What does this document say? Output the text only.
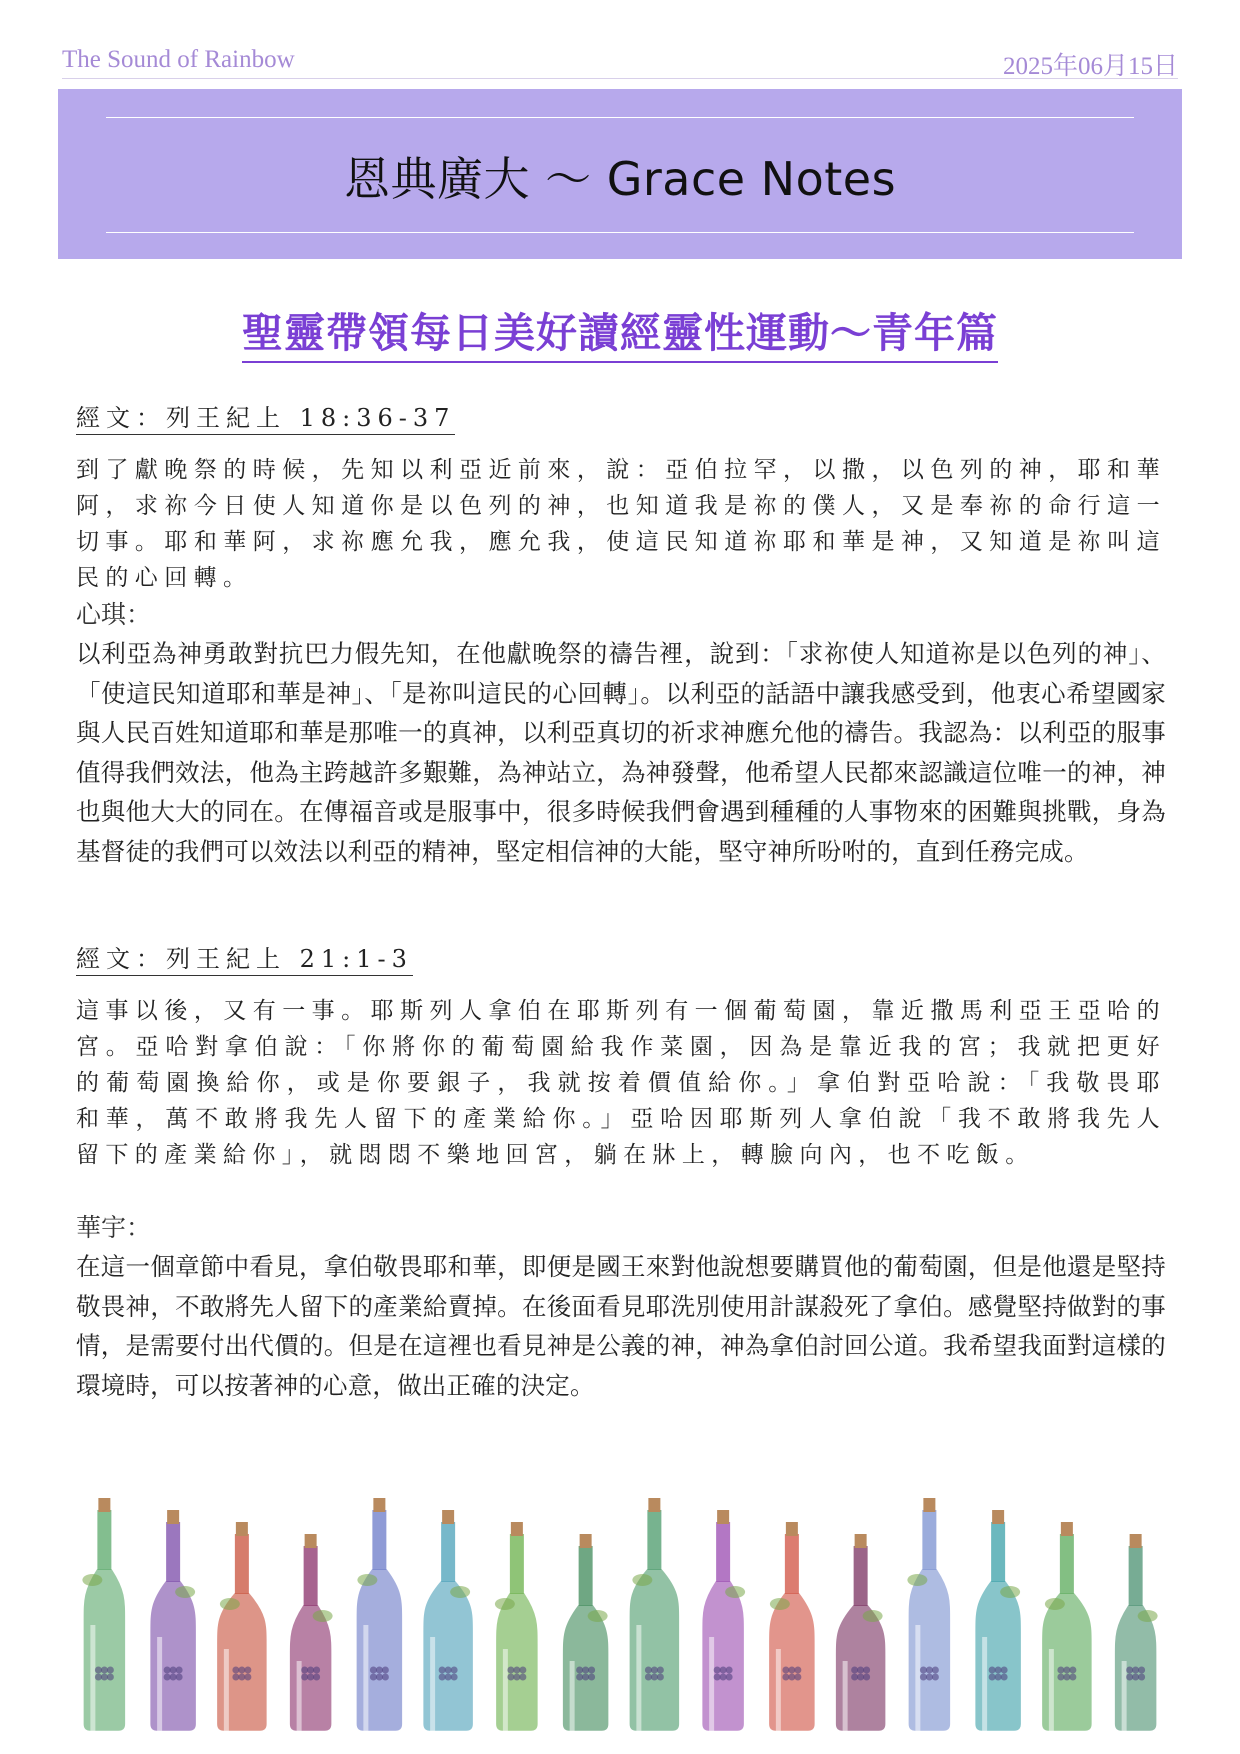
The Sound of Rainbow	2025年06月15日
恩典廣大 ～ Grace Notes
聖靈帶領每日美好讀經靈性運動～青年篇
經文：列王紀上 18:36-37
到了獻晚祭的時候，先知以利亞近前來，說：亞伯拉罕，以撒，以色列的神，耶和華阿，求祢今日使人知道你是以色列的神，也知道我是祢的僕人，又是奉祢的命行這一切事。耶和華阿，求祢應允我，應允我，使這民知道祢耶和華是神，又知道是祢叫這民的心回轉。
心琪：
以利亞為神勇敢對抗巴力假先知，在他獻晚祭的禱告裡，說到：「求祢使人知道祢是以色列的神」、「使這民知道耶和華是神」、「是祢叫這民的心回轉」。以利亞的話語中讓我感受到，他衷心希望國家與人民百姓知道耶和華是那唯一的真神，以利亞真切的祈求神應允他的禱告。我認為：以利亞的服事值得我們效法，他為主跨越許多艱難，為神站立，為神發聲，他希望人民都來認識這位唯一的神，神也與他大大的同在。在傳福音或是服事中，很多時候我們會遇到種種的人事物來的困難與挑戰，身為基督徒的我們可以效法以利亞的精神，堅定相信神的大能，堅守神所吩咐的，直到任務完成。
經文：列王紀上 21:1-3
這事以後，又有一事。耶斯列人拿伯在耶斯列有一個葡萄園，靠近撒馬利亞王亞哈的宮。亞哈對拿伯說：「你將你的葡萄園給我作菜園，因為是靠近我的宮；我就把更好的葡萄園換給你，或是你要銀子，我就按着價值給你。」拿伯對亞哈說：「我敬畏耶和華，萬不敢將我先人留下的產業給你。」亞哈因耶斯列人拿伯說「我不敢將我先人留下的產業給你」，就悶悶不樂地回宮，躺在牀上，轉臉向內，也不吃飯。
華宇：
在這一個章節中看見，拿伯敬畏耶和華，即便是國王來對他說想要購買他的葡萄園，但是他還是堅持敬畏神，不敢將先人留下的產業給賣掉。在後面看見耶洗別使用計謀殺死了拿伯。感覺堅持做對的事情，是需要付出代價的。但是在這裡也看見神是公義的神，神為拿伯討回公道。我希望我面對這樣的環境時，可以按著神的心意，做出正確的決定。
